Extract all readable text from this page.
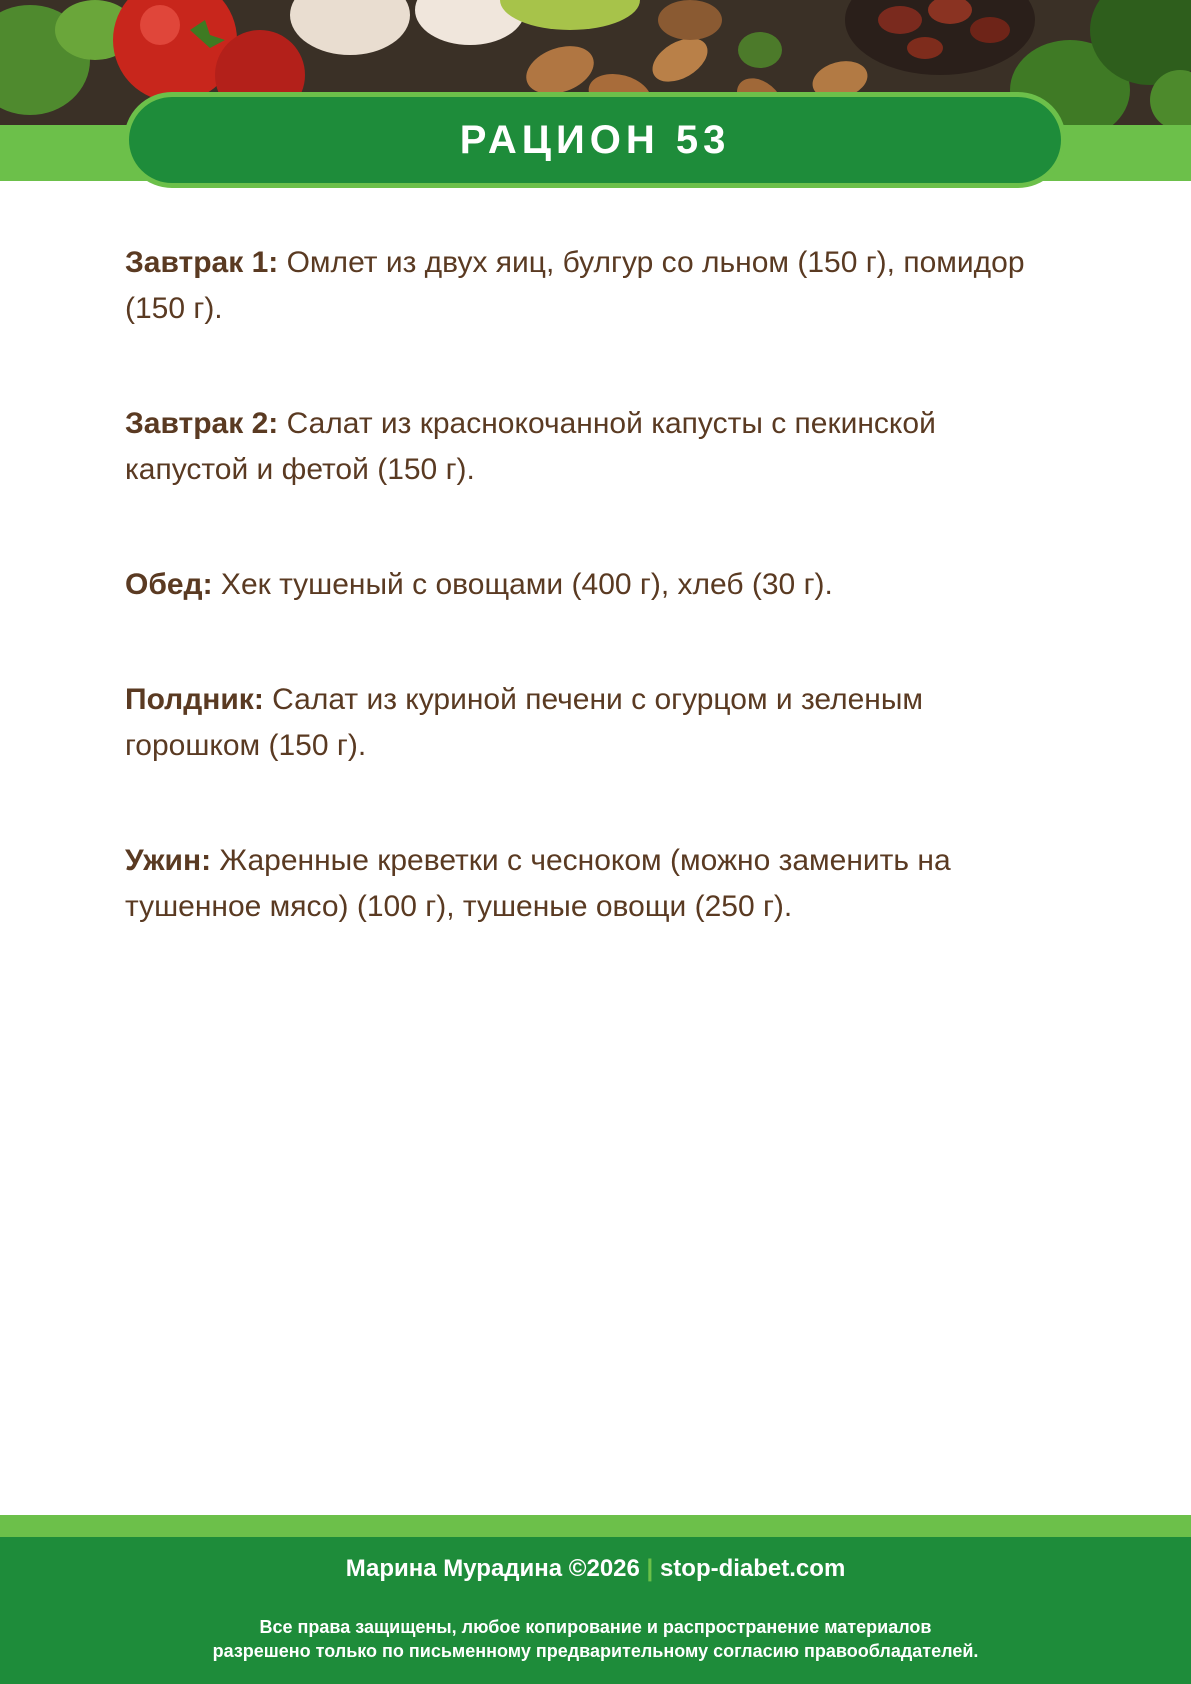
РАЦИОН 53

Завтрак 1: Омлет из двух яиц, булгур со льном (150 г), помидор (150 г).

Завтрак 2: Салат из краснокочанной капусты с пекинской капустой и фетой (150 г).

Обед: Хек тушеный с овощами (400 г), хлеб (30 г).

Полдник: Салат из куриной печени с огурцом и зеленым горошком (150 г).

Ужин: Жаренные креветки с чесноком (можно заменить на тушенное мясо) (100 г), тушеные овощи (250 г).

Марина Мурадина ©2026 | stop-diabet.com
Все права защищены, любое копирование и распространение материалов
разрешено только по письменному предварительному согласию правообладателей.
